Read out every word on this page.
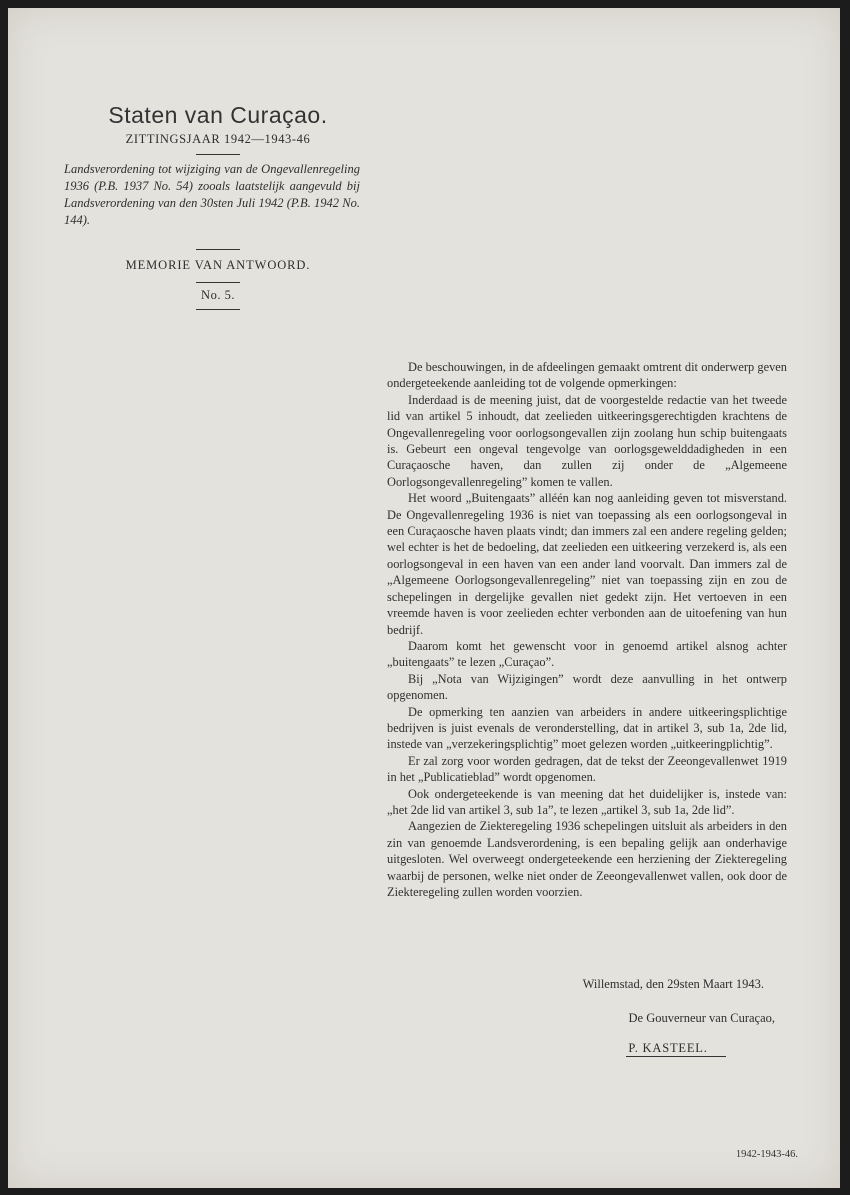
Staten van Curaçao.
ZITTINGSJAAR 1942—1943-46
Landsverordening tot wijziging van de Ongevallenregeling 1936 (P.B. 1937 No. 54) zooals laatstelijk aangevuld bij Landsverordening van den 30sten Juli 1942 (P.B. 1942 No. 144).
MEMORIE VAN ANTWOORD.
No. 5.

De beschouwingen, in de afdeelingen gemaakt omtrent dit onderwerp geven ondergeteekende aanleiding tot de volgende opmerkingen:

Inderdaad is de meening juist, dat de voorgestelde redactie van het tweede lid van artikel 5 inhoudt, dat zeelieden uitkeeringsgerechtigden krachtens de Ongevallenregeling voor oorlogsongevallen zijn zoolang hun schip buitengaats is. Gebeurt een ongeval tengevolge van oorlogsgewelddadigheden in een Curaçaosche haven, dan zullen zij onder de „Algemeene Oorlogsongevallenregeling” komen te vallen.

Het woord „Buitengaats” alléén kan nog aanleiding geven tot misverstand. De Ongevallenregeling 1936 is niet van toepassing als een oorlogsongeval in een Curaçaosche haven plaats vindt; dan immers zal een andere regeling gelden; wel echter is het de bedoeling, dat zeelieden een uitkeering verzekerd is, als een oorlogsongeval in een haven van een ander land voorvalt. Dan immers zal de „Algemeene Oorlogsongevallenregeling” niet van toepassing zijn en zou de schepelingen in dergelijke gevallen niet gedekt zijn. Het vertoeven in een vreemde haven is voor zeelieden echter verbonden aan de uitoefening van hun bedrijf.

Daarom komt het gewenscht voor in genoemd artikel alsnog achter „buitengaats” te lezen „Curaçao”.

Bij „Nota van Wijzigingen” wordt deze aanvulling in het ontwerp opgenomen.

De opmerking ten aanzien van arbeiders in andere uitkeeringsplichtige bedrijven is juist evenals de veronderstelling, dat in artikel 3, sub 1a, 2de lid, instede van „verzekeringsplichtig” moet gelezen worden „uitkeeringplichtig”.

Er zal zorg voor worden gedragen, dat de tekst der Zeeongevallenwet 1919 in het „Publicatieblad” wordt opgenomen.

Ook ondergeteekende is van meening dat het duidelijker is, instede van: „het 2de lid van artikel 3, sub 1a”, te lezen „artikel 3, sub 1a, 2de lid”.

Aangezien de Ziekteregeling 1936 schepelingen uitsluit als arbeiders in den zin van genoemde Landsverordening, is een bepaling gelijk aan onderhavige uitgesloten. Wel overweegt ondergeteekende een herziening der Ziekteregeling waarbij de personen, welke niet onder de Zeeongevallenwet vallen, ook door de Ziekteregeling zullen worden voorzien.

Willemstad, den 29sten Maart 1943.
De Gouverneur van Curaçao,
P. KASTEEL.
1942-1943-46.
